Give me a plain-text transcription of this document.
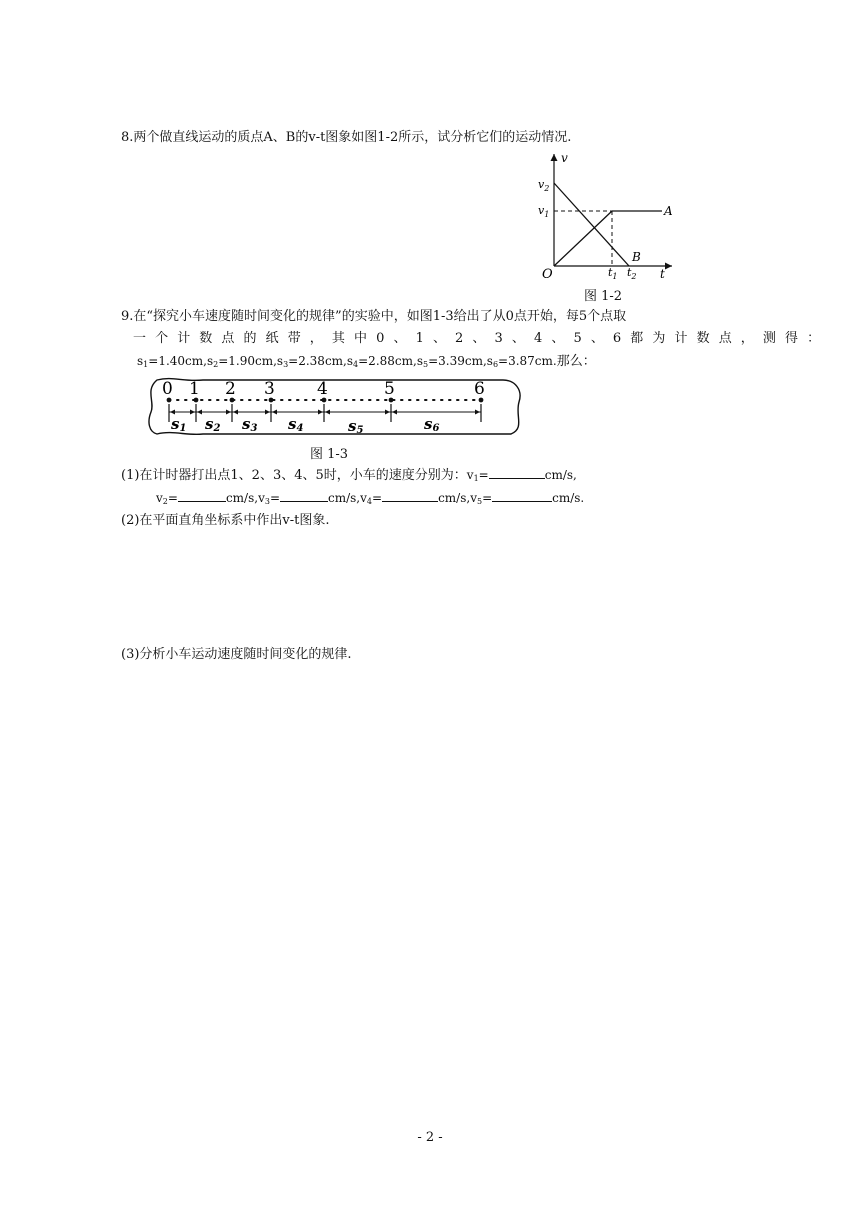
8.两个做直线运动的质点A、B的v-t图象如图1-2所示，试分析它们的运动情况.
v
t
O
$v_2$
$v_1$
$t_1$ $t_2$
A
B
图 1-2
9.在“探究小车速度随时间变化的规律”的实验中，如图1-3给出了从0点开始，每5个点取
一个计数点的纸带，其中0、1、2、3、4、5、6都为计数点，测得：
$s_1=1.40cm,s_2=1.90cm,s_3=2.38cm,s_4=2.88cm,s_5=3.39cm,s_6=3.87cm$.那么：
0 1 2 3 4	5	6
s1 s2 s3 s4	s5	s6
图 1-3
(1)在计时器打出点1、2、3、4、5时，小车的速度分别为：$v_1=$	cm/s,
$v_2=$	$cm/s,v_3=$	$cm/s,v_4=$	$cm/s,v_5=$	cm/s.
(2)在平面直角坐标系中作出v-t图象.
(3)分析小车运动速度随时间变化的规律.
- 2 -
